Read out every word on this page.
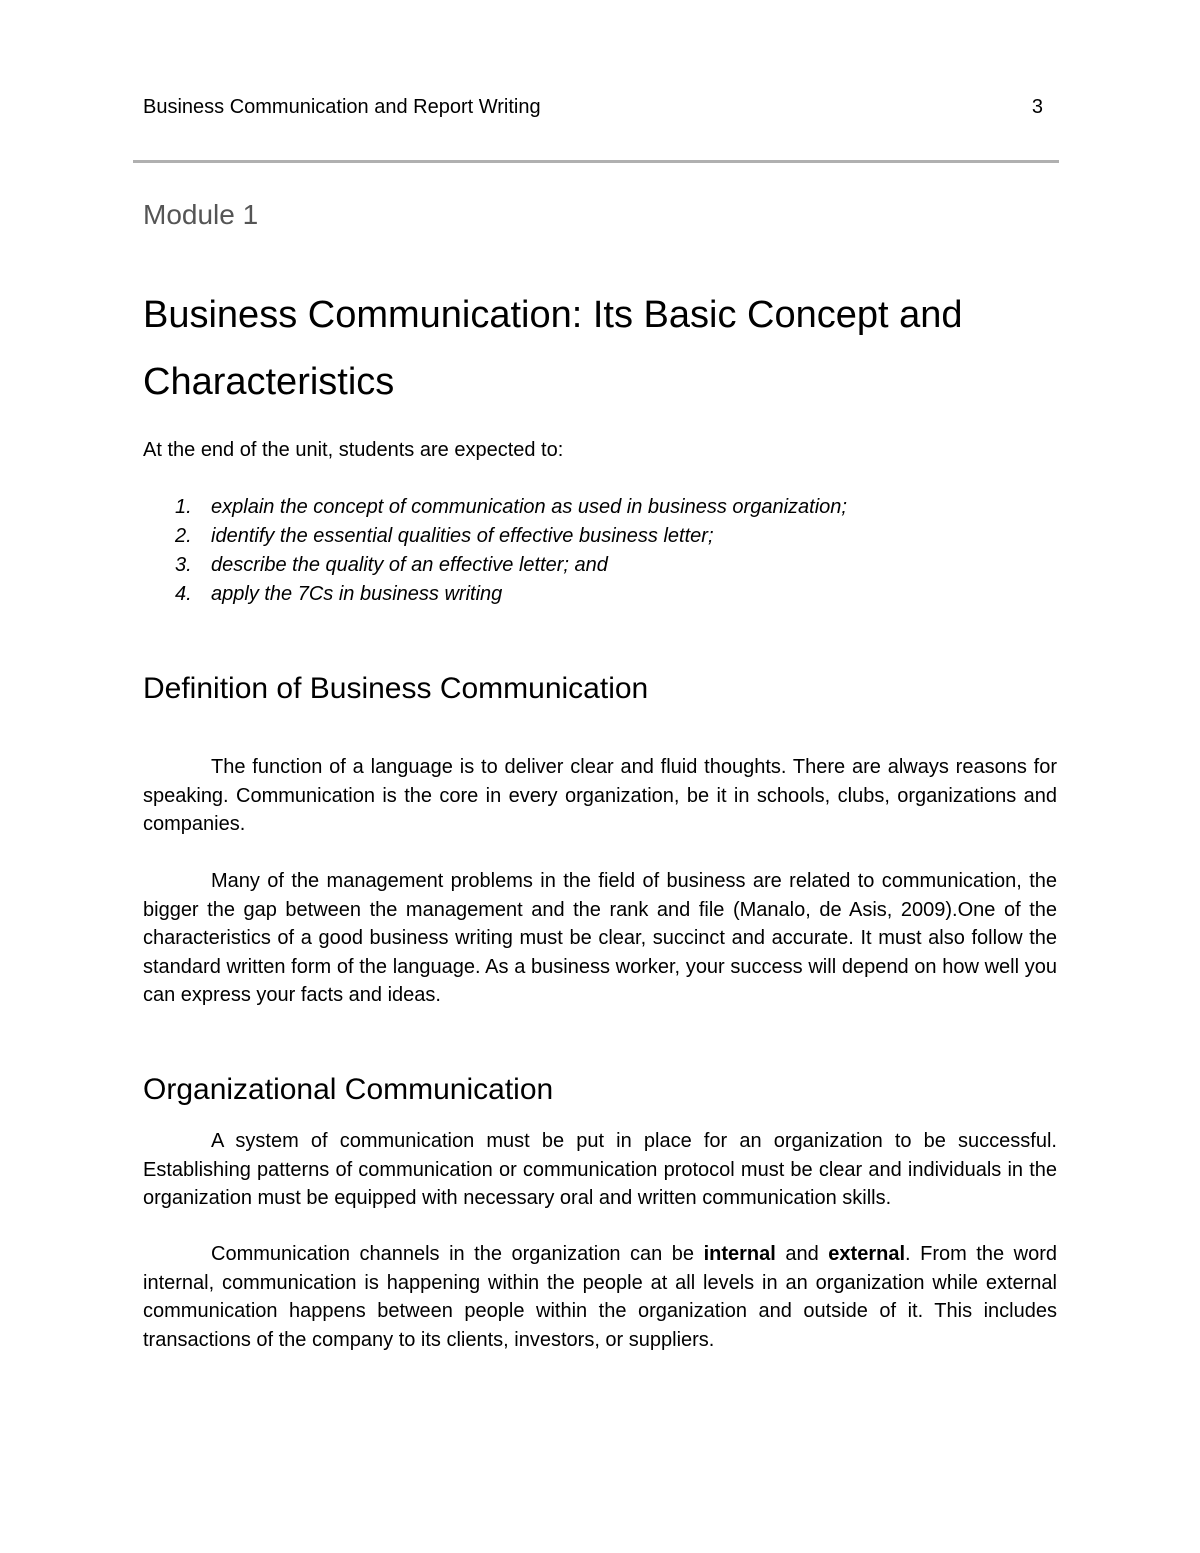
Business Communication and Report Writing	3
Module 1
Business Communication: Its Basic Concept and Characteristics

At the end of the unit, students are expected to:

1. explain the concept of communication as used in business organization;
2. identify the essential qualities of effective business letter;
3. describe the quality of an effective letter; and
4. apply the 7Cs in business writing
Definition of Business Communication

The function of a language is to deliver clear and fluid thoughts. There are always reasons for speaking. Communication is the core in every organization, be it in schools, clubs, organizations and companies.

Many of the management problems in the field of business are related to communication, the bigger the gap between the management and the rank and file (Manalo, de Asis, 2009).One of the characteristics of a good business writing must be clear, succinct and accurate. It must also follow the standard written form of the language. As a business worker, your success will depend on how well you can express your facts and ideas.

Organizational Communication

A system of communication must be put in place for an organization to be successful. Establishing patterns of communication or communication protocol must be clear and individuals in the organization must be equipped with necessary oral and written communication skills.

Communication channels in the organization can be internal and external. From the word internal, communication is happening within the people at all levels in an organization while external communication happens between people within the organization and outside of it. This includes transactions of the company to its clients, investors, or suppliers.
